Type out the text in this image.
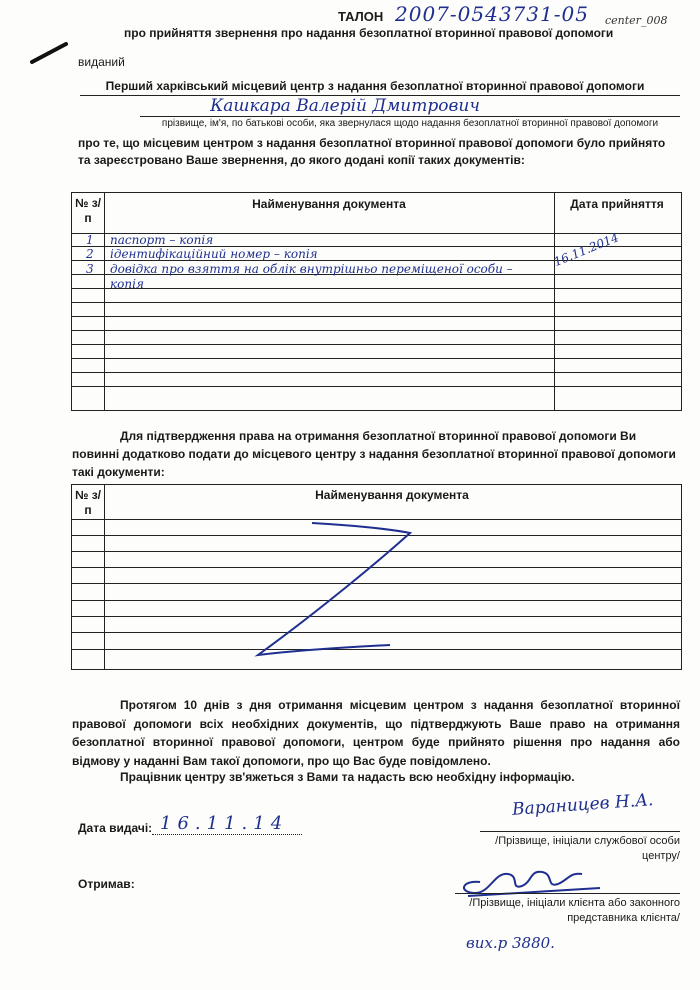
ТАЛОН 2007-0543731-05 center_008
про прийняття звернення про надання безоплатної вторинної правової допомоги
виданий
Перший харківський місцевий центр з надання безоплатної вторинної правової допомоги
Кашкара Валерій Дмитрович
прізвище, ім'я, по батькові особи, яка звернулася щодо надання безоплатної вторинної правової допомоги
про те, що місцевим центром з надання безоплатної вторинної правової допомоги було прийнято та зареєстровано Ваше звернення, до якого додані копії таких документів:
№ з/п
Найменування документа	Дата прийняття
1 паспорт – копія
2 ідентифікаційний номер – копія
3 довідка про взяття на облік внутрішньо переміщеної особи – копія
16.11.2014
Для підтвердження права на отримання безоплатної вторинної правової допомоги Ви повинні додатково подати до місцевого центру з надання безоплатної вторинної правової допомоги такі документи:
№ з/п
Найменування документа
Протягом 10 днів з дня отримання місцевим центром з надання безоплатної вторинної правової допомоги всіх необхідних документів, що підтверджують Ваше право на отримання безоплатної вторинної правової допомоги, центром буде прийнято рішення про надання або відмову у наданні Вам такої допомоги, про що Вас буде повідомлено.
Працівник центру зв'яжеться з Вами та надасть всю необхідну інформацію.
Дата видачі: 16.11.14
Вараницев Н.А.
/Прізвище, ініціали службової особи центру/
Отримав:
/Прізвище, ініціали клієнта або законного представника клієнта/
вих.р 3880.
